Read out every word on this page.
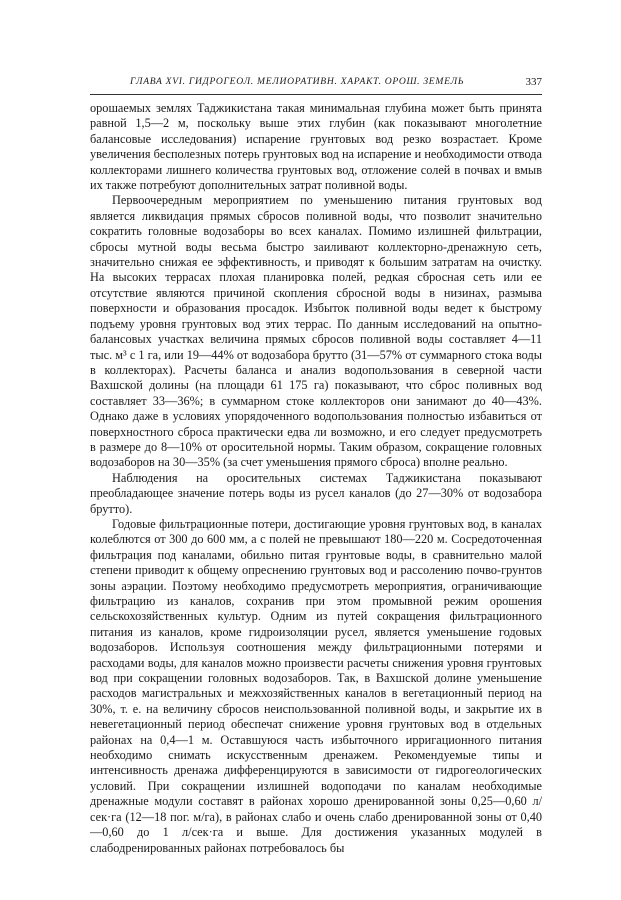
ГЛАВА XVI. ГИДРОГЕОЛ. МЕЛИОРАТИВН. ХАРАКТ. ОРОШ. ЗЕМЕЛЬ	337

орошаемых землях Таджикистана такая минимальная глубина может быть принята равной 1,5—2 м, поскольку выше этих глубин (как показывают многолетние балансовые исследования) испарение грунтовых вод резко возрастает. Кроме увеличения бесполезных потерь грунтовых вод на испарение и необходимости отвода коллекторами лишнего количества грунтовых вод, отложение солей в почвах и вмыв их также потребуют дополнительных затрат поливной воды.

Первоочередным мероприятием по уменьшению питания грунтовых вод является ликвидация прямых сбросов поливной воды, что позволит значительно сократить головные водозаборы во всех каналах. Помимо излишней фильтрации, сбросы мутной воды весьма быстро заиливают коллекторно-дренажную сеть, значительно снижая ее эффективность, и приводят к большим затратам на очистку. На высоких террасах плохая планировка полей, редкая сбросная сеть или ее отсутствие являются причиной скопления сбросной воды в низинах, размыва поверхности и образования просадок. Избыток поливной воды ведет к быстрому подъему уровня грунтовых вод этих террас. По данным исследований на опытно-балансовых участках величина прямых сбросов поливной воды составляет 4—11 тыс. м³ с 1 га, или 19—44% от водозабора брутто (31—57% от суммарного стока воды в коллекторах). Расчеты баланса и анализ водопользования в северной части Вахшской долины (на площади 61 175 га) показывают, что сброс поливных вод составляет 33—36%; в суммарном стоке коллекторов они занимают до 40—43%. Однако даже в условиях упорядоченного водопользования полностью избавиться от поверхностного сброса практически едва ли возможно, и его следует предусмотреть в размере до 8—10% от оросительной нормы. Таким образом, сокращение головных водозаборов на 30—35% (за счет уменьшения прямого сброса) вполне реально.

Наблюдения на оросительных системах Таджикистана показывают преобладающее значение потерь воды из русел каналов (до 27—30% от водозабора брутто).

Годовые фильтрационные потери, достигающие уровня грунтовых вод, в каналах колеблются от 300 до 600 мм, а с полей не превышают 180—220 м. Сосредоточенная фильтрация под каналами, обильно питая грунтовые воды, в сравнительно малой степени приводит к общему опреснению грунтовых вод и рассолению почво-грунтов зоны аэрации. Поэтому необходимо предусмотреть мероприятия, ограничивающие фильтрацию из каналов, сохранив при этом промывной режим орошения сельскохозяйственных культур. Одним из путей сокращения фильтрационного питания из каналов, кроме гидроизоляции русел, является уменьшение годовых водозаборов. Используя соотношения между фильтрационными потерями и расходами воды, для каналов можно произвести расчеты снижения уровня грунтовых вод при сокращении головных водозаборов. Так, в Вахшской долине уменьшение расходов магистральных и межхозяйственных каналов в вегетационный период на 30%, т. е. на величину сбросов неиспользованной поливной воды, и закрытие их в невегетационный период обеспечат снижение уровня грунтовых вод в отдельных районах на 0,4—1 м. Оставшуюся часть избыточного ирригационного питания необходимо снимать искусственным дренажем. Рекомендуемые типы и интенсивность дренажа дифференцируются в зависимости от гидрогеологических условий. При сокращении излишней водоподачи по каналам необходимые дренажные модули составят в районах хорошо дренированной зоны 0,25—0,60 л/сек·га (12—18 пог. м/га), в районах слабо и очень слабо дренированной зоны от 0,40—0,60 до 1 л/сек·га и выше. Для достижения указанных модулей в слабодренированных районах потребовалось бы
